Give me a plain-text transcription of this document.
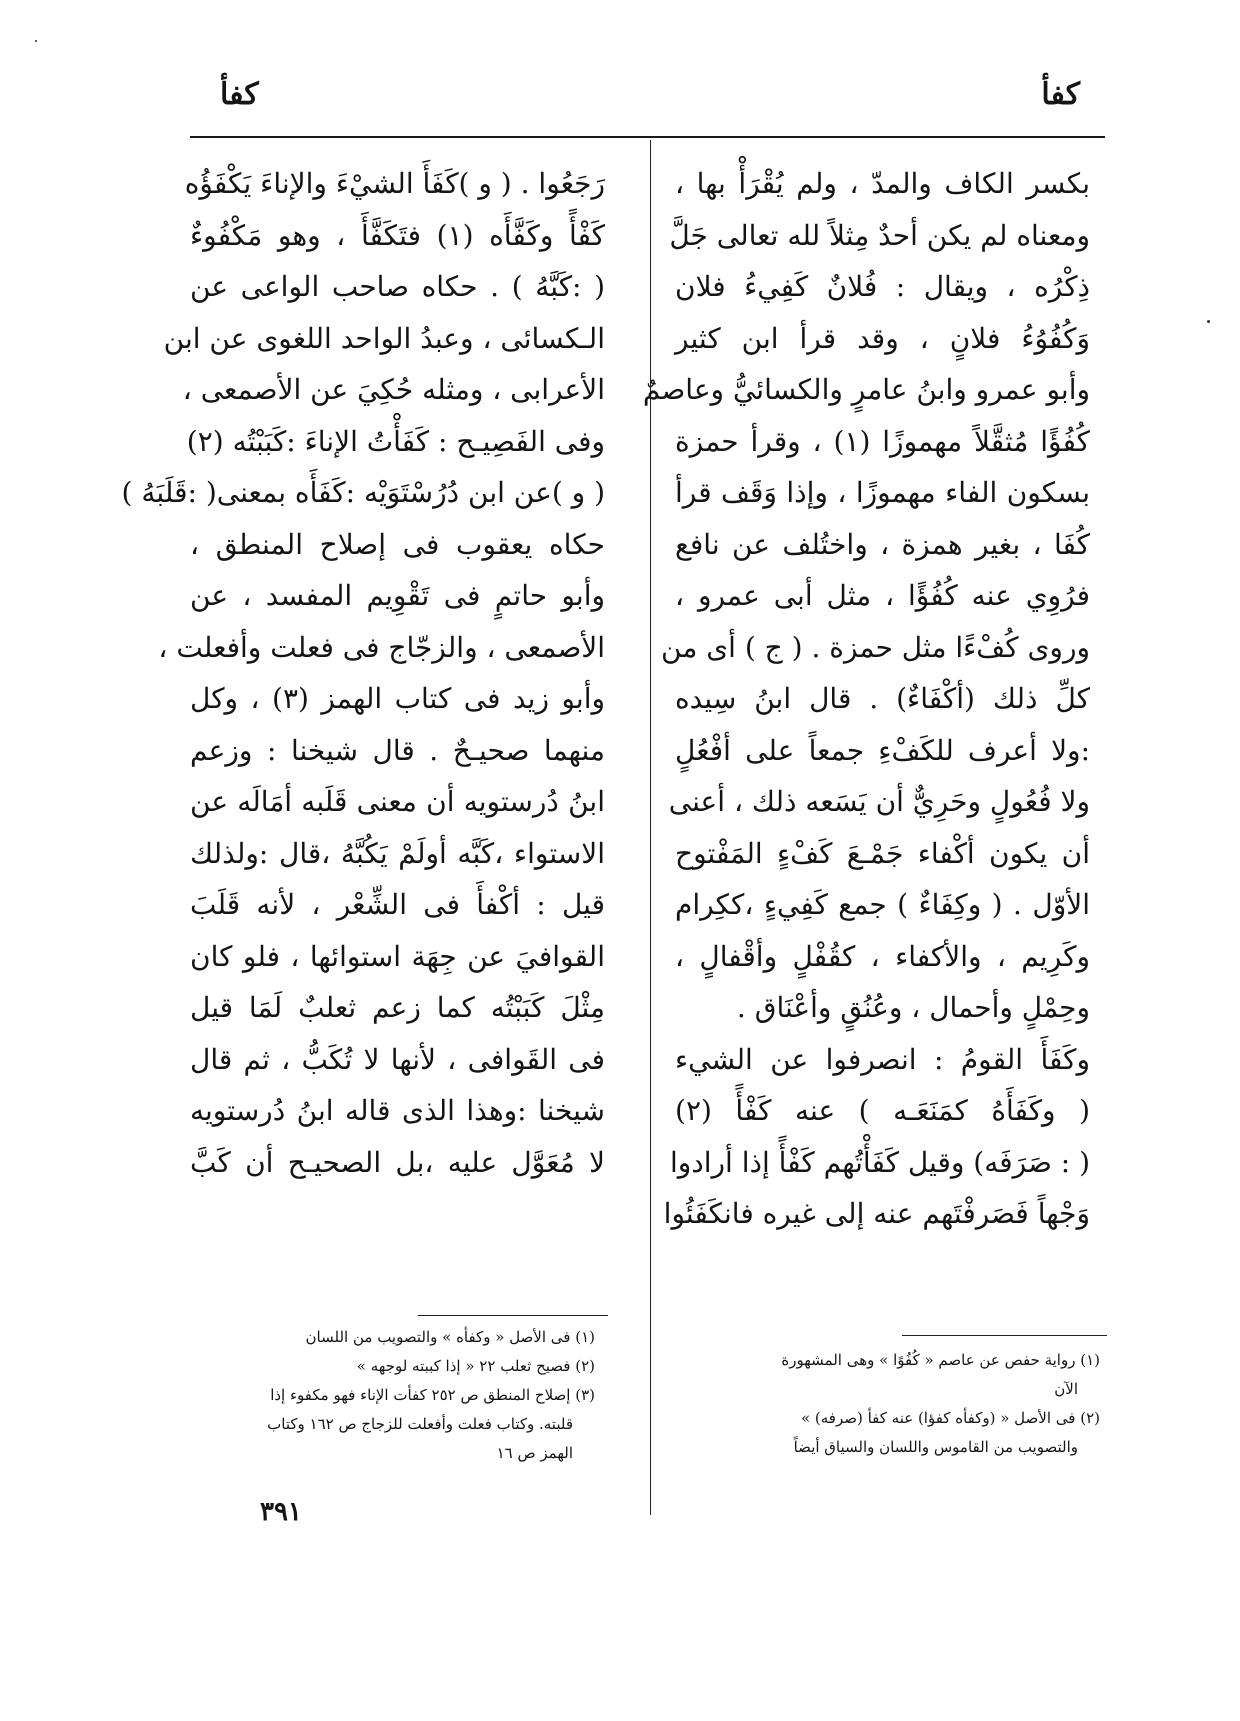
كفأ
كفأ
بكسر الكاف والمدّ ، ولم يُقْرَأْ بها ،
ومعناه لم يكن أحدٌ مِثلاً لله تعالى جَلَّ
ذِكْرُه ، ويقال : فُلانٌ كَفِيءُ فلان
وَكُفُوُءُ فلانٍ ، وقد قرأ ابن كثير
وأبو عمرو وابنُ عامرٍ والكسائيُّ وعاصمٌ
كُفُؤًا مُثقَّلاً مهموزًا (١) ، وقرأ حمزة
بسكون الفاء مهموزًا ، وإذا وَقَف قرأ
كُفَا ، بغير همزة ، واختُلف عن نافع
فرُوِي عنه كُفُؤًا ، مثل أبى عمرو ،
وروى كُفْءًا مثل حمزة . ( ج ) أى من
كلِّ ذلك (أكْفَاءٌ) . قال ابنُ سِيده
:ولا أعرف للكَفْءِ جمعاً على أفْعُلٍ
ولا فُعُولٍ وحَرِيٌّ أن يَسَعه ذلك ، أعنى
أن يكون أكْفاء جَمْـعَ كَفْءٍ المَفْتوح
الأوّل . ( وكِفَاءٌ ) جمع كَفِيءٍ ،ككِرام
وكَرِيم ، والأكفاء ، كقُفْلٍ وأقْفالٍ ،
وحِمْلٍ وأحمال ، وعُنُقٍ وأعْنَاق .
وكَفَأَ القومُ : انصرفوا عن الشيء
( وكَفَأَهُ كمَنَعَـه ) عنه كَفْأً (٢)
( : صَرَفَه) وقيل كَفَأْتُهم كَفْأً إذا أرادوا
وَجْهاً فَصَرفْتَهم عنه إلى غيره فانكَفَئُوا
رَجَعُوا . ( و )كَفَأَ الشيْءَ والإناءَ يَكْفَؤُه
كَفْأً وكَفَّأَه (١) فتَكَفَّأَ ، وهو مَكْفُوءٌ
( :كَبَّهُ ) . حكاه صاحب الواعى عن
الـكسائى ، وعبدُ الواحد اللغوى عن ابن
الأعرابى ، ومثله حُكِيَ عن الأصمعى ،
وفى الفَصِيـح : كَفَأْتُ الإناءَ :كَبَبْتُه (٢)
( و )عن ابن دُرُسْتَوَيْه :كَفَأَه بمعنى( :قَلَبَهُ )
حكاه يعقوب فى إصلاح المنطق ،
وأبو حاتمٍ فى تَقْوِيم المفسد ، عن
الأصمعى ، والزجّاج فى فعلت وأفعلت ،
وأبو زيد فى كتاب الهمز (٣) ، وكل
منهما صحيـحٌ . قال شيخنا : وزعم
ابنُ دُرستويه أن معنى قَلَبه أمَالَه عن
الاستواء ،كَبَّه أولَمْ يَكُبَّهُ ،قال :ولذلك
قيل : أكْفأَ فى الشِّعْر ، لأنه قَلَبَ
القوافيَ عن جِهَة استوائها ، فلو كان
مِثْلَ كَبَبْتُه كما زعم ثعلبٌ لَمَا قيل
فى القَوافى ، لأنها لا تُكَبُّ ، ثم قال
شيخنا :وهذا الذى قاله ابنُ دُرستويه
لا مُعَوَّل عليه ،بل الصحيـح أن كَبَّ
(١) رواية حفص عن عاصم « كُفُوًا » وهى المشهورة
الآن
(٢) فى الأصل « (وكفأه كفؤا) عنه كفأ (صرفه) »
والتصويب من القاموس واللسان والسياق أيضاً
(١) فى الأصل « وكفأه » والتصويب من اللسان
(٢) فصيح ثعلب ٢٢ « إذا كببته لوجهه »
(٣) إصلاح المنطق ص ٢٥٢ كفأت الإناء فهو مكفوء إذا
قلبته. وكتاب فعلت وأفعلت للزجاج ص ١٦٢ وكتاب
الهمز ص ١٦
٣٩١
